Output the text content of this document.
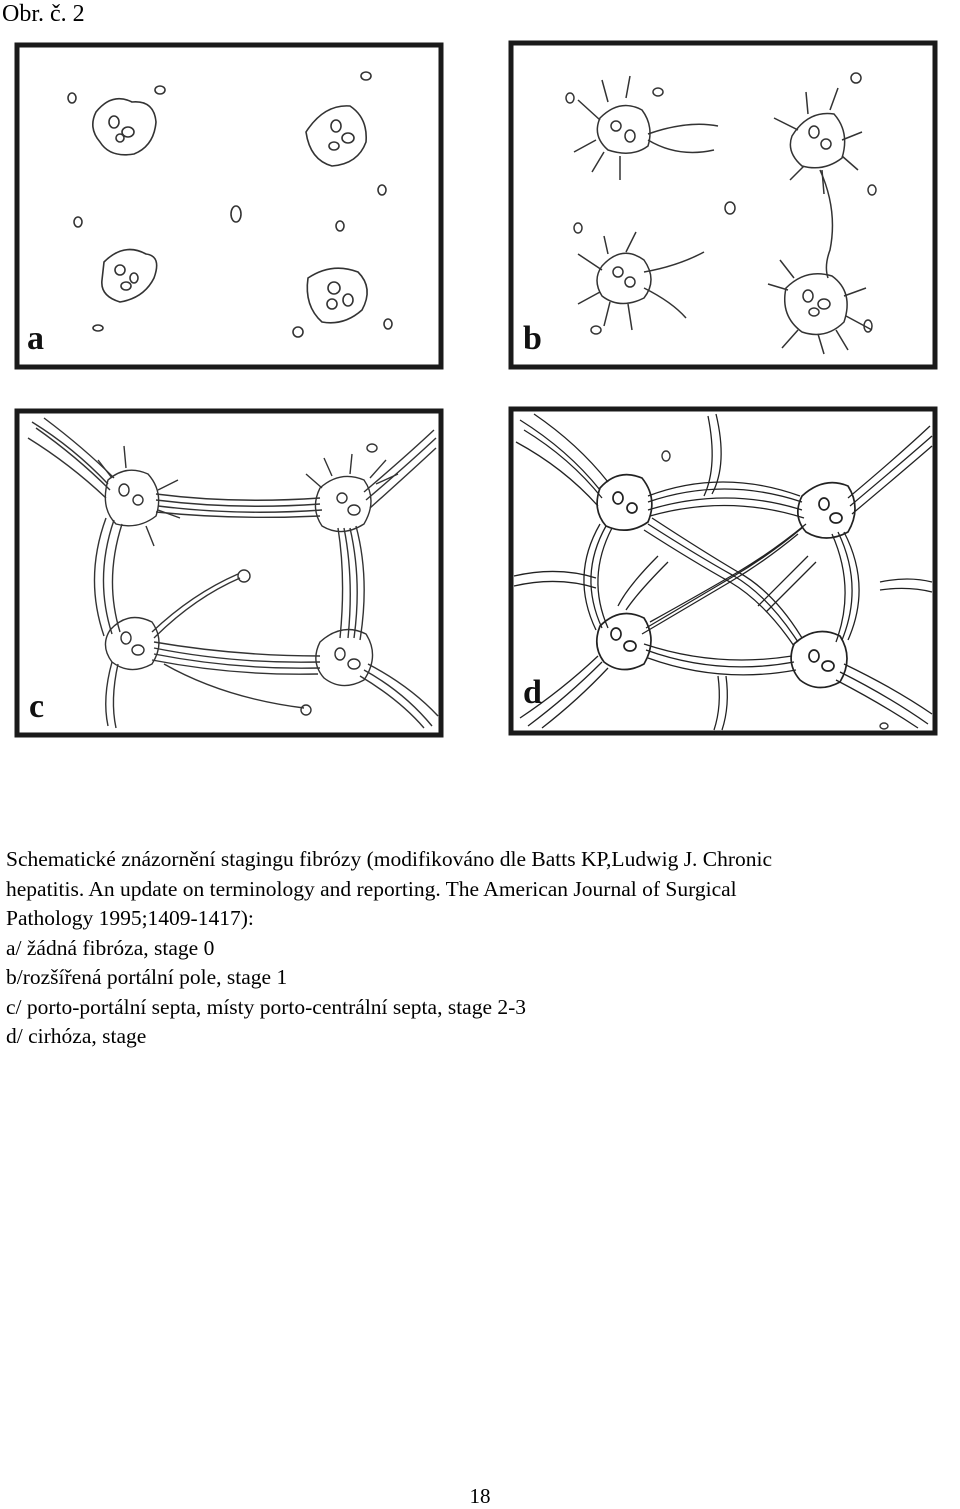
Obr. č. 2
a	b
c	d

Schematické znázornění stagingu fibrózy (modifikováno dle Batts KP,Ludwig J. Chronic

hepatitis. An update on terminology and reporting. The American Journal of Surgical

Pathology 1995;1409-1417):

a/ žádná fibróza, stage 0

b/rozšířená portální pole, stage 1

c/ porto-portální septa, místy porto-centrální septa, stage 2-3

d/ cirhóza, stage

18
